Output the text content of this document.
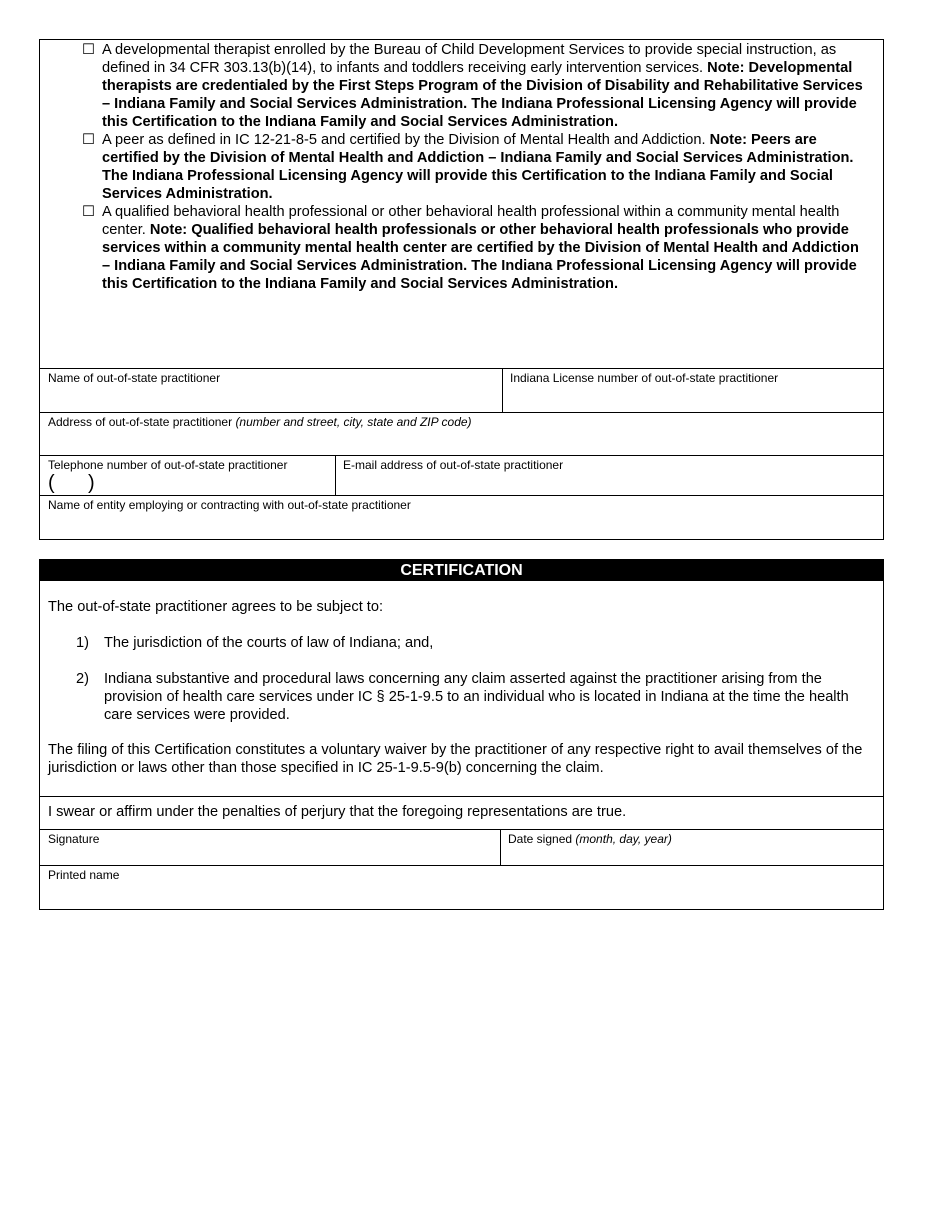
☐ A developmental therapist enrolled by the Bureau of Child Development Services to provide special instruction, as defined in 34 CFR 303.13(b)(14), to infants and toddlers receiving early intervention services. Note: Developmental therapists are credentialed by the First Steps Program of the Division of Disability and Rehabilitative Services – Indiana Family and Social Services Administration. The Indiana Professional Licensing Agency will provide this Certification to the Indiana Family and Social Services Administration.

☐ A peer as defined in IC 12-21-8-5 and certified by the Division of Mental Health and Addiction. Note: Peers are certified by the Division of Mental Health and Addiction – Indiana Family and Social Services Administration. The Indiana Professional Licensing Agency will provide this Certification to the Indiana Family and Social Services Administration.

☐ A qualified behavioral health professional or other behavioral health professional within a community mental health center. Note: Qualified behavioral health professionals or other behavioral health professionals who provide services within a community mental health center are certified by the Division of Mental Health and Addiction – Indiana Family and Social Services Administration. The Indiana Professional Licensing Agency will provide this Certification to the Indiana Family and Social Services Administration.

Name of out-of-state practitioner	Indiana License number of out-of-state practitioner
Address of out-of-state practitioner (number and street, city, state and ZIP code)
Telephone number of out-of-state practitioner
(      )
E-mail address of out-of-state practitioner
Name of entity employing or contracting with out-of-state practitioner
CERTIFICATION
The out-of-state practitioner agrees to be subject to:
1) The jurisdiction of the courts of law of Indiana; and,
2) Indiana substantive and procedural laws concerning any claim asserted against the practitioner arising from the provision of health care services under IC § 25-1-9.5 to an individual who is located in Indiana at the time the health care services were provided.
The filing of this Certification constitutes a voluntary waiver by the practitioner of any respective right to avail themselves of the jurisdiction or laws other than those specified in IC 25-1-9.5-9(b) concerning the claim.
I swear or affirm under the penalties of perjury that the foregoing representations are true.
Signature	Date signed (month, day, year)
Printed name
